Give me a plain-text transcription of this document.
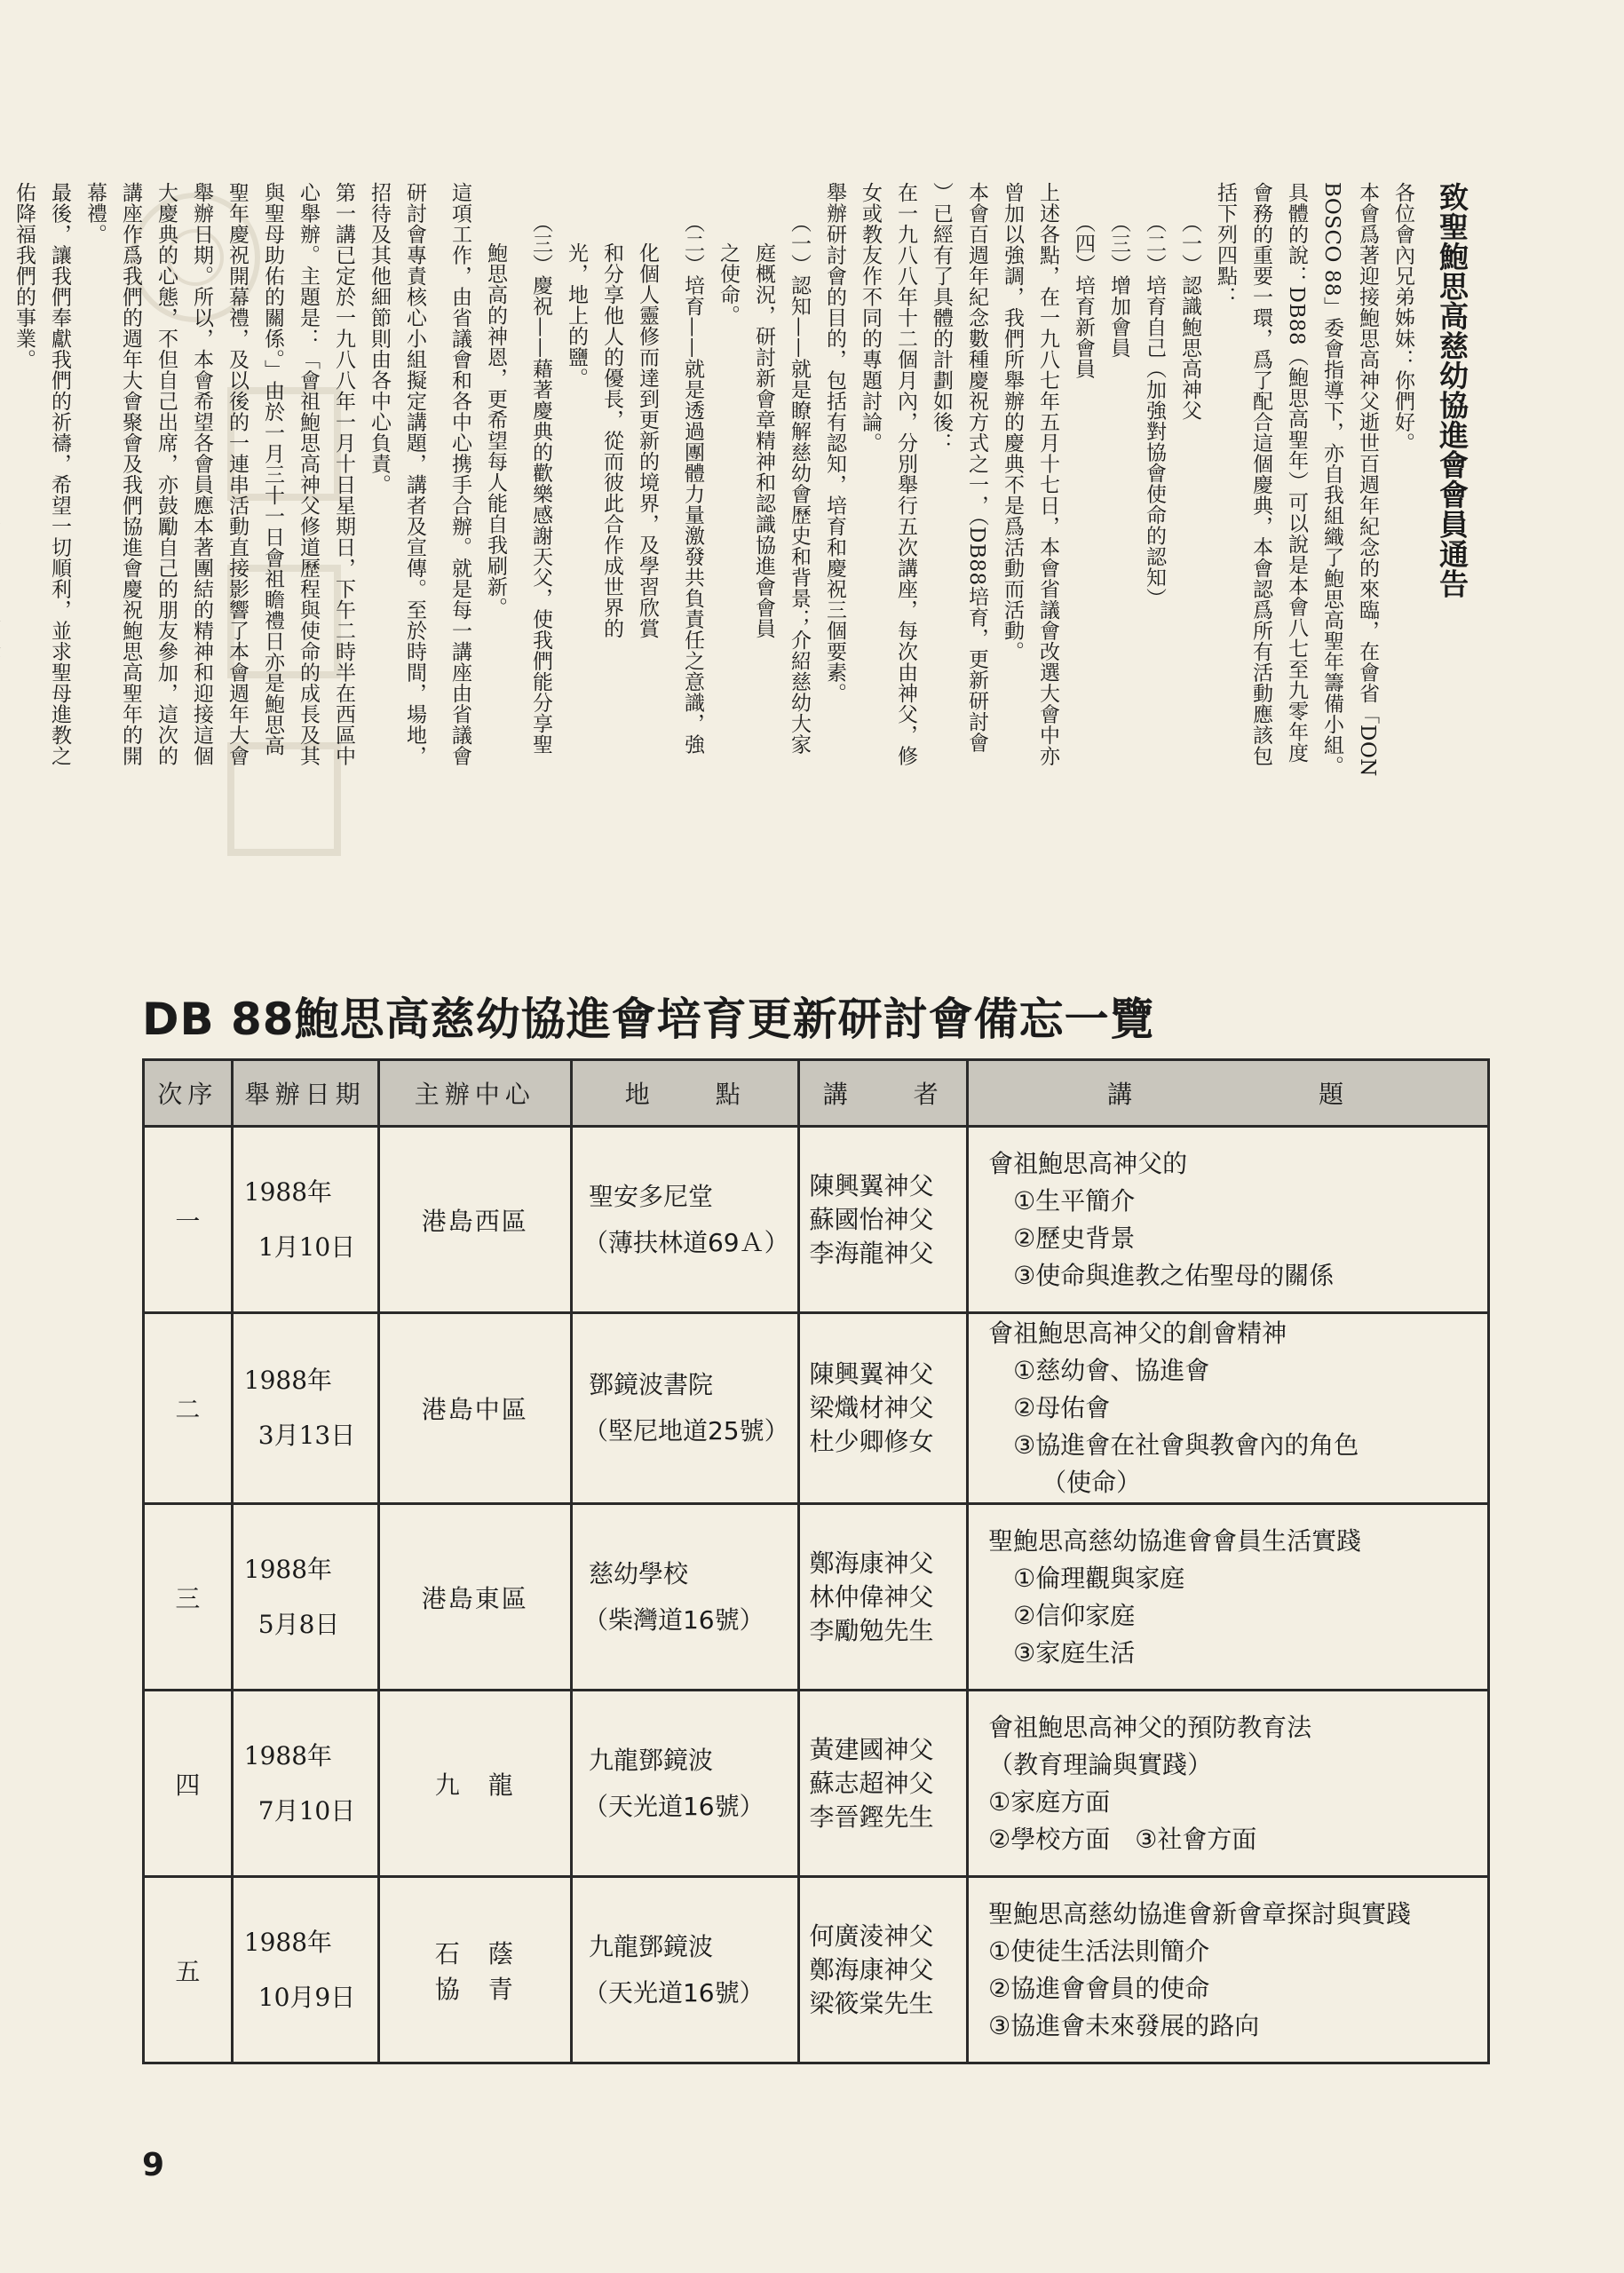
致聖鮑思高慈幼協進會會員通告
各位會內兄弟姊妹：你們好。
本會爲著迎接鮑思高神父逝世百週年紀念的來臨，在會省「DON
BOSCO 88」委會指導下，亦自我組織了鮑思高聖年籌備小組。
具體的說：DB88（鮑思高聖年）可以說是本會八七至九零年度
會務的重要一環，爲了配合這個慶典，本會認爲所有活動應該包
括下列四點：
（一）認識鮑思高神父
（二）培育自己（加強對協會使命的認知）
（三）增加會員
（四）培育新會員
上述各點，在一九八七年五月十七日，本會省議會改選大會中亦
曾加以強調，我們所舉辦的慶典不是爲活動而活動。
本會百週年紀念數種慶祝方式之一，（DB88培育，更新研討會
）已經有了具體的計劃如後：
在一九八八年十二個月內，分別舉行五次講座，每次由神父，修
女或教友作不同的專題討論。
舉辦研討會的目的，包括有認知，培育和慶祝三個要素。
（一）認知——就是瞭解慈幼會歷史和背景；介紹慈幼大家
庭概況，研討新會章精神和認識協進會會員
之使命。
（二）培育——就是透過團體力量激發共負責任之意識，強
化個人靈修而達到更新的境界，及學習欣賞
和分享他人的優長，從而彼此合作成世界的
光，地上的鹽。
（三）慶祝——藉著慶典的歡樂感謝天父，使我們能分享聖
鮑思高的神恩，更希望每人能自我刷新。
這項工作，由省議會和各中心携手合辦。就是每一講座由省議會
研討會專責核心小組擬定講題，講者及宣傳。至於時間，場地，
招待及其他細節則由各中心負責。
第一講已定於一九八八年一月十日星期日，下午二時半在西區中
心舉辦。主題是：「會祖鮑思高神父修道歷程與使命的成長及其
與聖母助佑的關係。」由於一月三十一日會祖瞻禮日亦是鮑思高
聖年慶祝開幕禮，及以後的一連串活動直接影響了本會週年大會
舉辦日期。所以，本會希望各會員應本著團結的精神和迎接這個
大慶典的心態，不但自己出席，亦鼓勵自己的朋友參加，這次的
講座作爲我們的週年大會聚會及我們協進會慶祝鮑思高聖年的開
幕禮。
最後，讓我們奉獻我們的祈禱，希望一切順利，並求聖母進教之
佑降福我們的事業。
DB 88鮑思高慈幼協進會培育更新研討會備忘一覽
次序	舉辦日期	主辦中心	地　　點	講　　者	講　　　　　　題
一	1988年
1月10日	港島西區	聖安多尼堂
（薄扶林道69Ａ）	陳興翼神父
蘇國怡神父
李海龍神父	會祖鮑思高神父的
①生平簡介
②歷史背景
③使命與進教之佑聖母的關係

二	1988年
3月13日	港島中區	鄧鏡波書院
（堅尼地道25號）	陳興翼神父
梁熾材神父
杜少卿修女	會祖鮑思高神父的創會精神
①慈幼會、協進會
②母佑會
③協進會在社會與教會內的角色
（使命）

三	1988年
5月8日	港島東區	慈幼學校
（柴灣道16號）	鄭海康神父
林仲偉神父
李勵勉先生	聖鮑思高慈幼協進會會員生活實踐
①倫理觀與家庭
②信仰家庭
③家庭生活

四	1988年
7月10日	九　龍	九龍鄧鏡波
（天光道16號）	黃建國神父
蘇志超神父
李晉鏗先生	會祖鮑思高神父的預防教育法
（教育理論與實踐）
①家庭方面
②學校方面　③社會方面

五	1988年
10月9日	石　蔭
協　青	九龍鄧鏡波
（天光道16號）	何廣淩神父
鄭海康神父
梁筱棠先生	聖鮑思高慈幼協進會新會章探討與實踐
①使徒生活法則簡介
②協進會會員的使命
③協進會未來發展的路向
9
